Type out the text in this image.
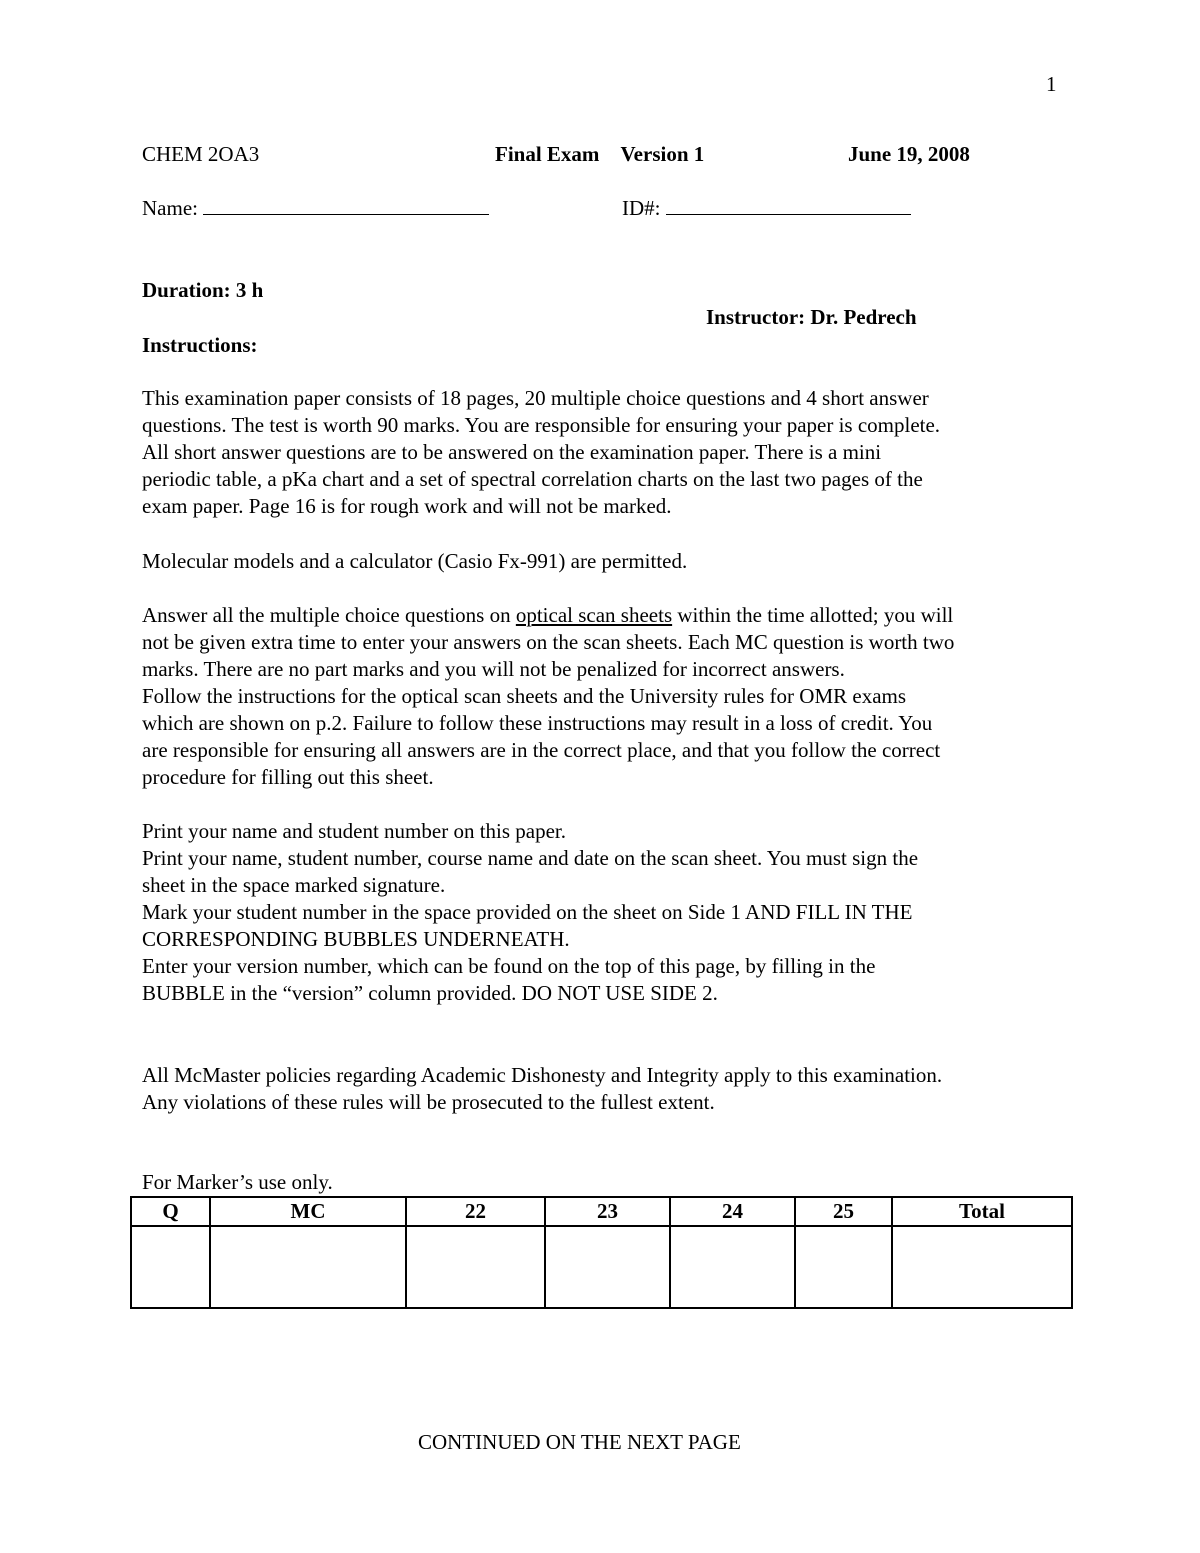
1
CHEM 2OA3	Final Exam Version 1	June 19, 2008
Name:	ID#:
Duration: 3 h
Instructor: Dr. Pedrech
Instructions:

This examination paper consists of 18 pages, 20 multiple choice questions and 4 short answer

questions. The test is worth 90 marks. You are responsible for ensuring your paper is complete.

All short answer questions are to be answered on the examination paper. There is a mini

periodic table, a pKa chart and a set of spectral correlation charts on the last two pages of the

exam paper. Page 16 is for rough work and will not be marked.

Molecular models and a calculator (Casio Fx-991) are permitted.

Answer all the multiple choice questions on optical scan sheets within the time allotted; you will

not be given extra time to enter your answers on the scan sheets. Each MC question is worth two

marks. There are no part marks and you will not be penalized for incorrect answers.

Follow the instructions for the optical scan sheets and the University rules for OMR exams

which are shown on p.2. Failure to follow these instructions may result in a loss of credit. You

are responsible for ensuring all answers are in the correct place, and that you follow the correct

procedure for filling out this sheet.

Print your name and student number on this paper.

Print your name, student number, course name and date on the scan sheet. You must sign the

sheet in the space marked signature.

Mark your student number in the space provided on the sheet on Side 1 AND FILL IN THE

CORRESPONDING BUBBLES UNDERNEATH.

Enter your version number, which can be found on the top of this page, by filling in the

BUBBLE in the “version” column provided. DO NOT USE SIDE 2.

All McMaster policies regarding Academic Dishonesty and Integrity apply to this examination.

Any violations of these rules will be prosecuted to the fullest extent.

For Marker’s use only.
Q	MC	22	23	24	25	Total

CONTINUED ON THE NEXT PAGE
